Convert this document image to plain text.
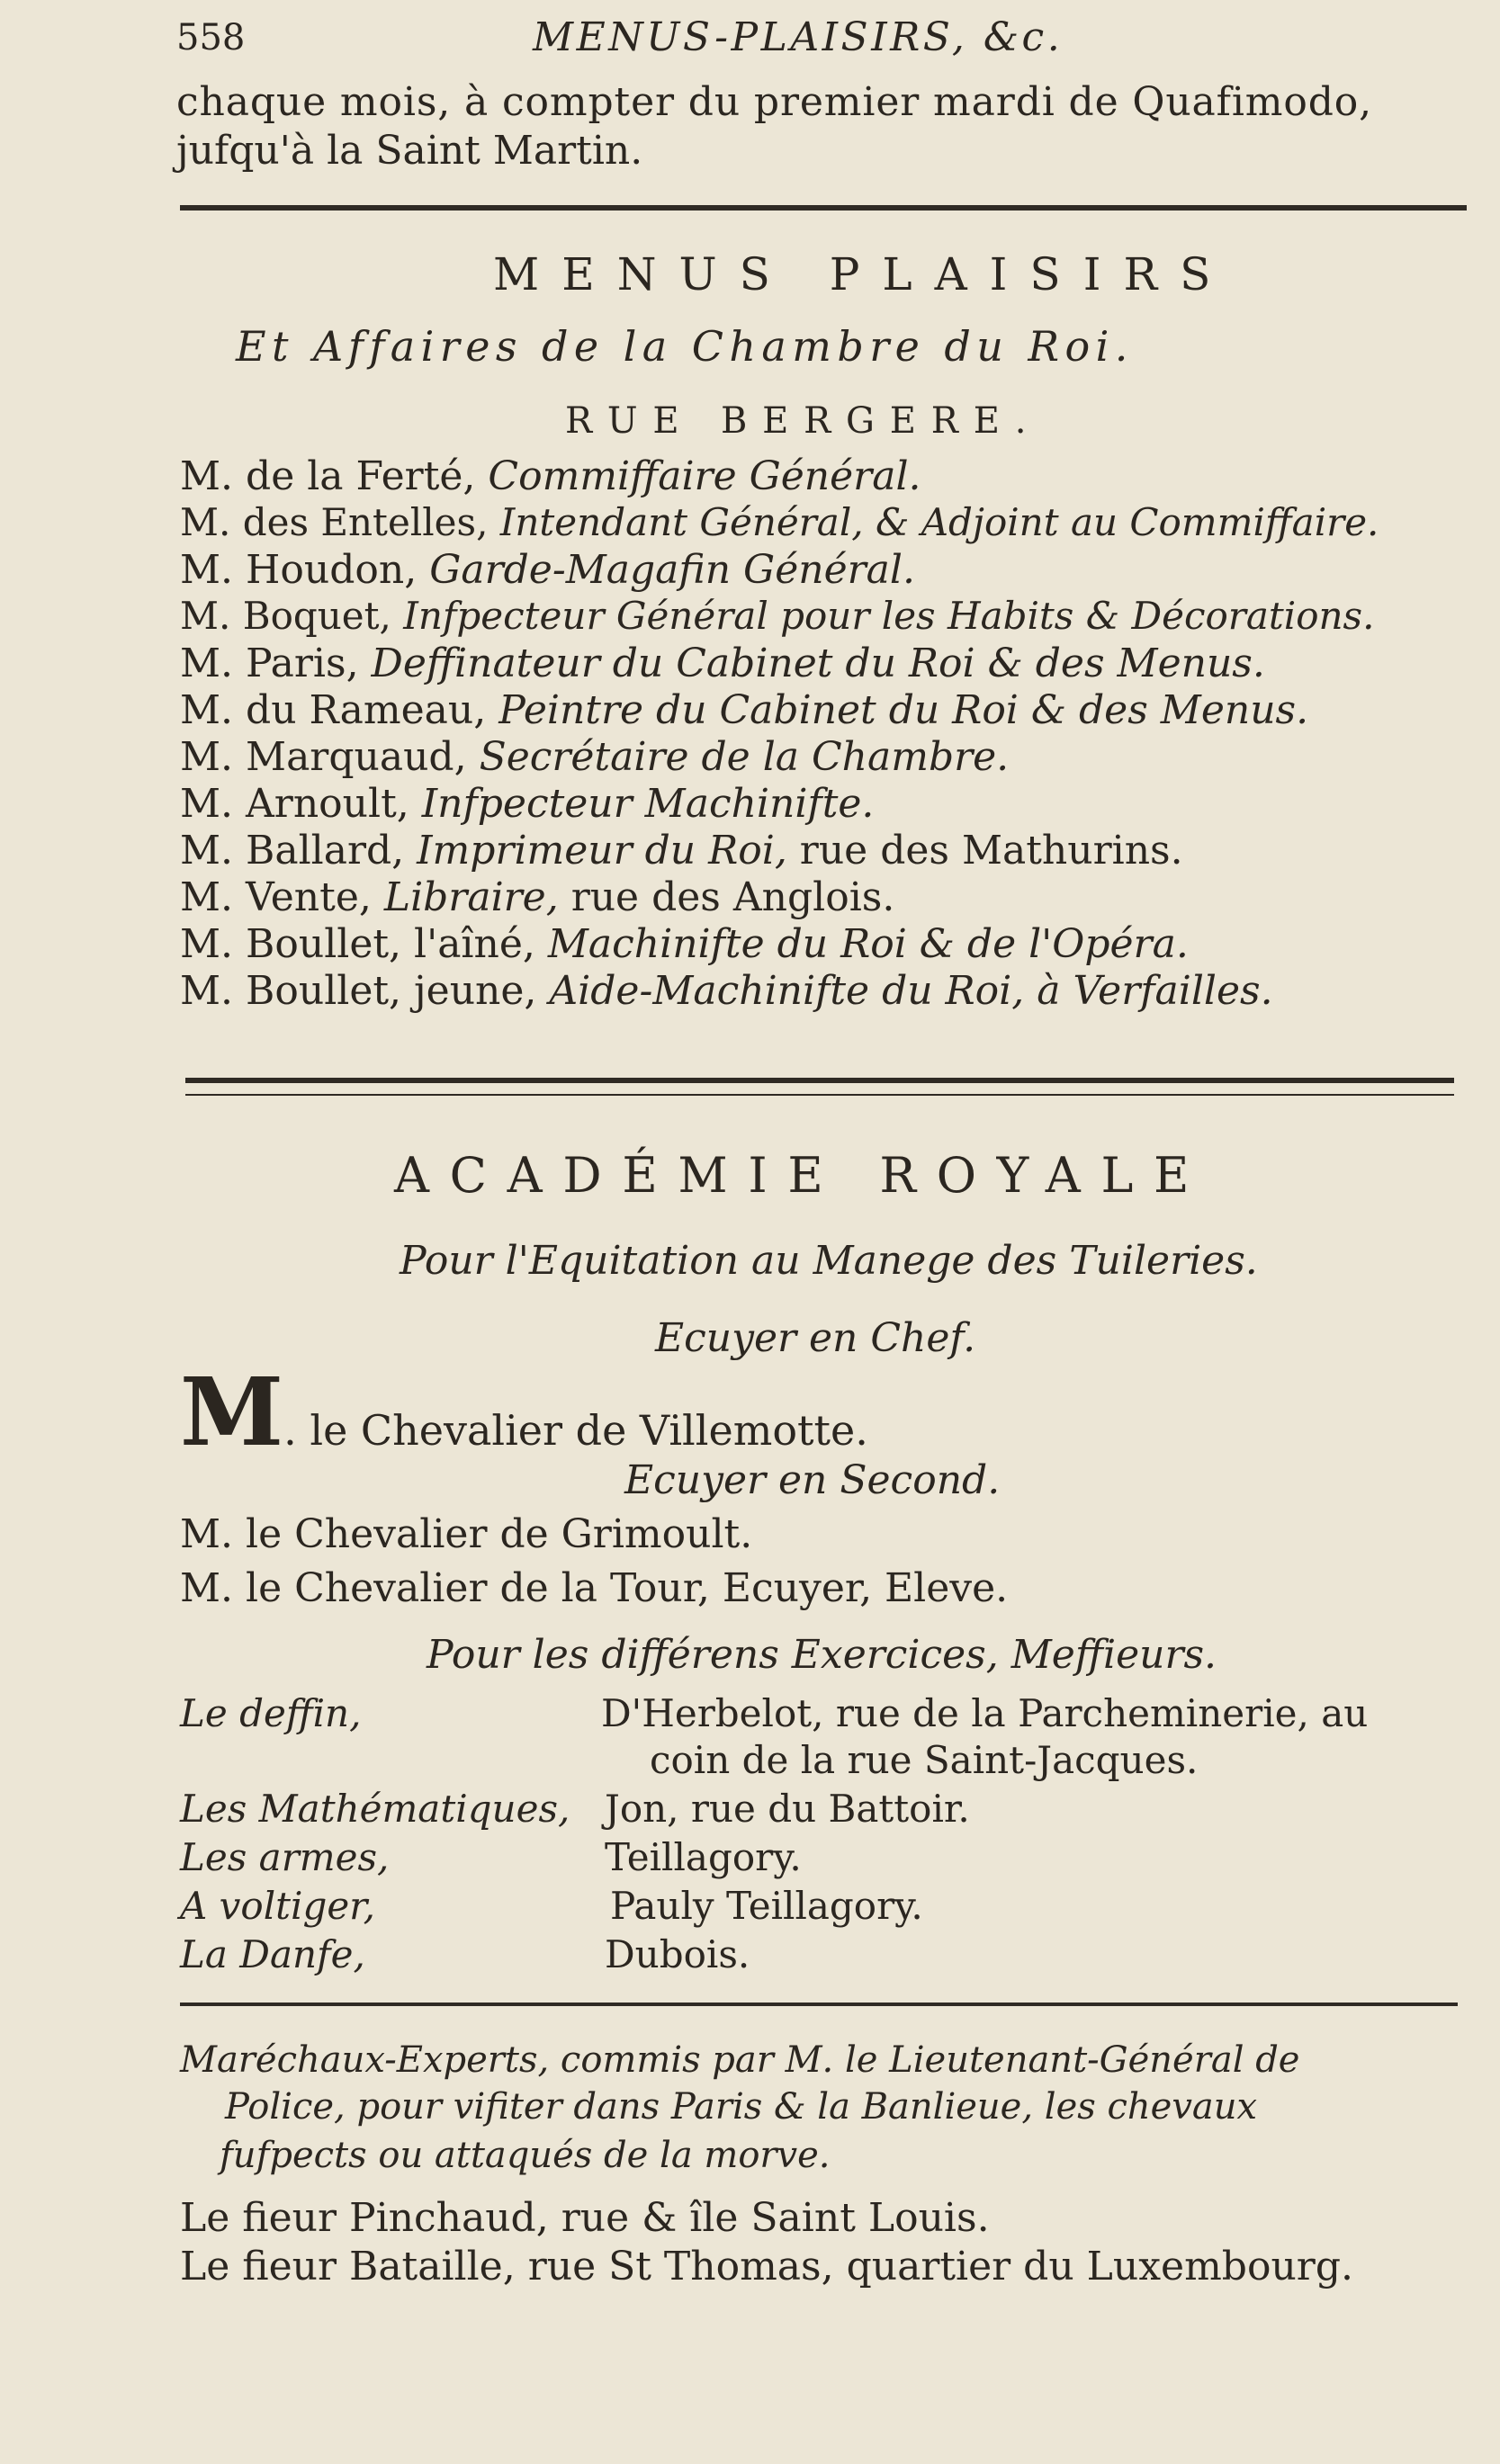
558	MENUS-PLAISIRS, &c.
chaque mois, à compter du premier mardi de Quafimodo,
jufqu'à la Saint Martin.
MENUS PLAISIRS
Et Affaires de la Chambre du Roi.
RUE BERGERE.
M. de la Ferté, Commiffaire Général.
M. des Entelles, Intendant Général, & Adjoint au Commiffaire.
M. Houdon, Garde-Magafin Général.
M. Boquet, Infpecteur Général pour les Habits & Décorations.
M. Paris, Deffinateur du Cabinet du Roi & des Menus.
M. du Rameau, Peintre du Cabinet du Roi & des Menus.
M. Marquaud, Secrétaire de la Chambre.
M. Arnoult, Infpecteur Machinifte.
M. Ballard, Imprimeur du Roi, rue des Mathurins.
M. Vente, Libraire, rue des Anglois.
M. Boullet, l'aîné, Machinifte du Roi & de l'Opéra.
M. Boullet, jeune, Aide-Machinifte du Roi, à Verfailles.
ACADÉMIE ROYALE
Pour l'Equitation au Manege des Tuileries.
Ecuyer en Chef.
M. le Chevalier de Villemotte.
Ecuyer en Second.
M. le Chevalier de Grimoult.
M. le Chevalier de la Tour, Ecuyer, Eleve.
Pour les différens Exercices, Meffieurs.
Le deffin,	D'Herbelot, rue de la Parcheminerie, au
coin de la rue Saint-Jacques.
Les Mathématiques, Jon, rue du Battoir.
Les armes,	Teillagory.
A voltiger,	Pauly Teillagory.
La Danfe,	Dubois.
Maréchaux-Experts, commis par M. le Lieutenant-Général de
Police, pour vifiter dans Paris & la Banlieue, les chevaux
fufpects ou attaqués de la morve.
Le fieur Pinchaud, rue & île Saint Louis.
Le fieur Bataille, rue St Thomas, quartier du Luxembourg.
